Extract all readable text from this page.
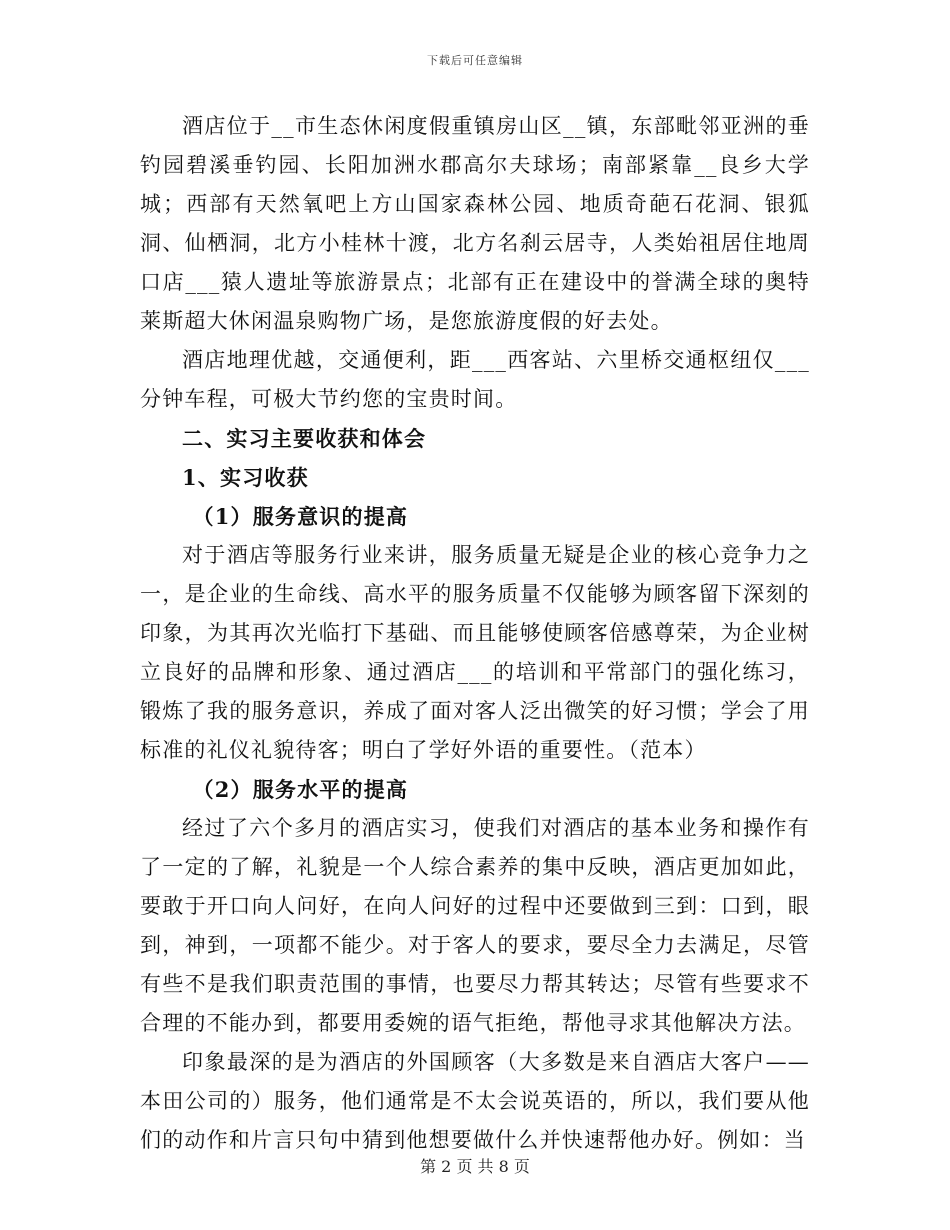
下载后可任意编辑

酒店位于__市生态休闲度假重镇房山区__镇，东部毗邻亚洲的垂钓园碧溪垂钓园、长阳加洲水郡高尔夫球场；南部紧靠__良乡大学城；西部有天然氧吧上方山国家森林公园、地质奇葩石花洞、银狐洞、仙栖洞，北方小桂林十渡，北方名刹云居寺，人类始祖居住地周口店___猿人遗址等旅游景点；北部有正在建设中的誉满全球的奥特莱斯超大休闲温泉购物广场，是您旅游度假的好去处。

酒店地理优越，交通便利，距___西客站、六里桥交通枢纽仅___分钟车程，可极大节约您的宝贵时间。

二、实习主要收获和体会

1、实习收获

（1）服务意识的提高

对于酒店等服务行业来讲，服务质量无疑是企业的核心竞争力之一，是企业的生命线、高水平的服务质量不仅能够为顾客留下深刻的印象，为其再次光临打下基础、而且能够使顾客倍感尊荣，为企业树立良好的品牌和形象、通过酒店___的培训和平常部门的强化练习，锻炼了我的服务意识，养成了面对客人泛出微笑的好习惯；学会了用标准的礼仪礼貌待客；明白了学好外语的重要性。（范本）

（2）服务水平的提高

经过了六个多月的酒店实习，使我们对酒店的基本业务和操作有了一定的了解，礼貌是一个人综合素养的集中反映，酒店更加如此，要敢于开口向人问好，在向人问好的过程中还要做到三到：口到，眼到，神到，一项都不能少。对于客人的要求，要尽全力去满足，尽管有些不是我们职责范围的事情，也要尽力帮其转达；尽管有些要求不合理的不能办到，都要用委婉的语气拒绝，帮他寻求其他解决方法。

印象最深的是为酒店的外国顾客（大多数是来自酒店大客户——本田公司的）服务，他们通常是不太会说英语的，所以，我们要从他们的动作和片言只句中猜到他想要做什么并快速帮他办好。例如：当

第 2 页 共 8 页
